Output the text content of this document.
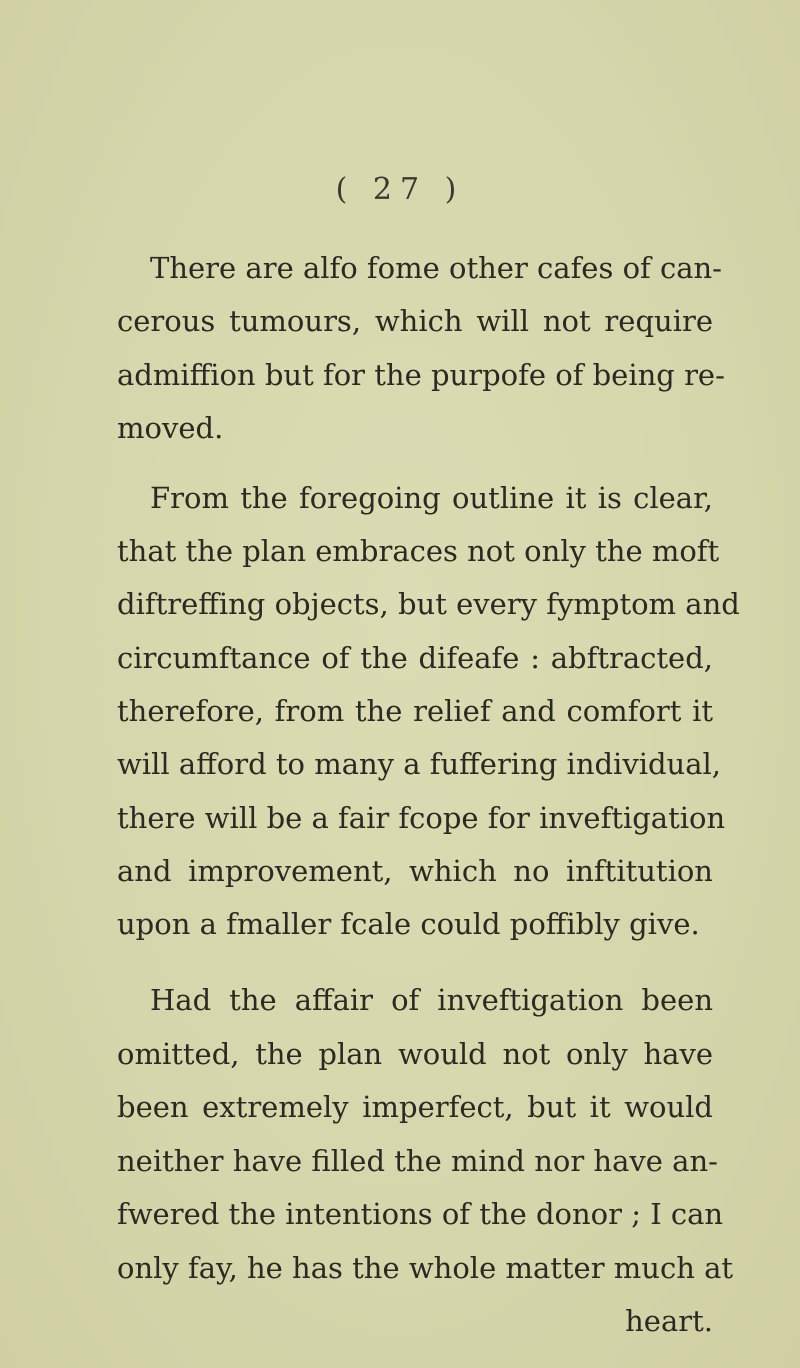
( 27 )
There are alfo fome other cafes of can-
cerous tumours, which will not require
admiffion but for the purpofe of being re-
moved.
From the foregoing outline it is clear,
that the plan embraces not only the moft
diftreffing objects, but every fymptom and
circumftance of the difeafe : abftracted,
therefore, from the relief and comfort it
will afford to many a fuffering individual,
there will be a fair fcope for inveftigation
and improvement, which no inftitution
upon a fmaller fcale could poffibly give.
Had the affair of inveftigation been
omitted, the plan would not only have
been extremely imperfect, but it would
neither have filled the mind nor have an-
fwered the intentions of the donor ; I can
only fay, he has the whole matter much at
heart.
